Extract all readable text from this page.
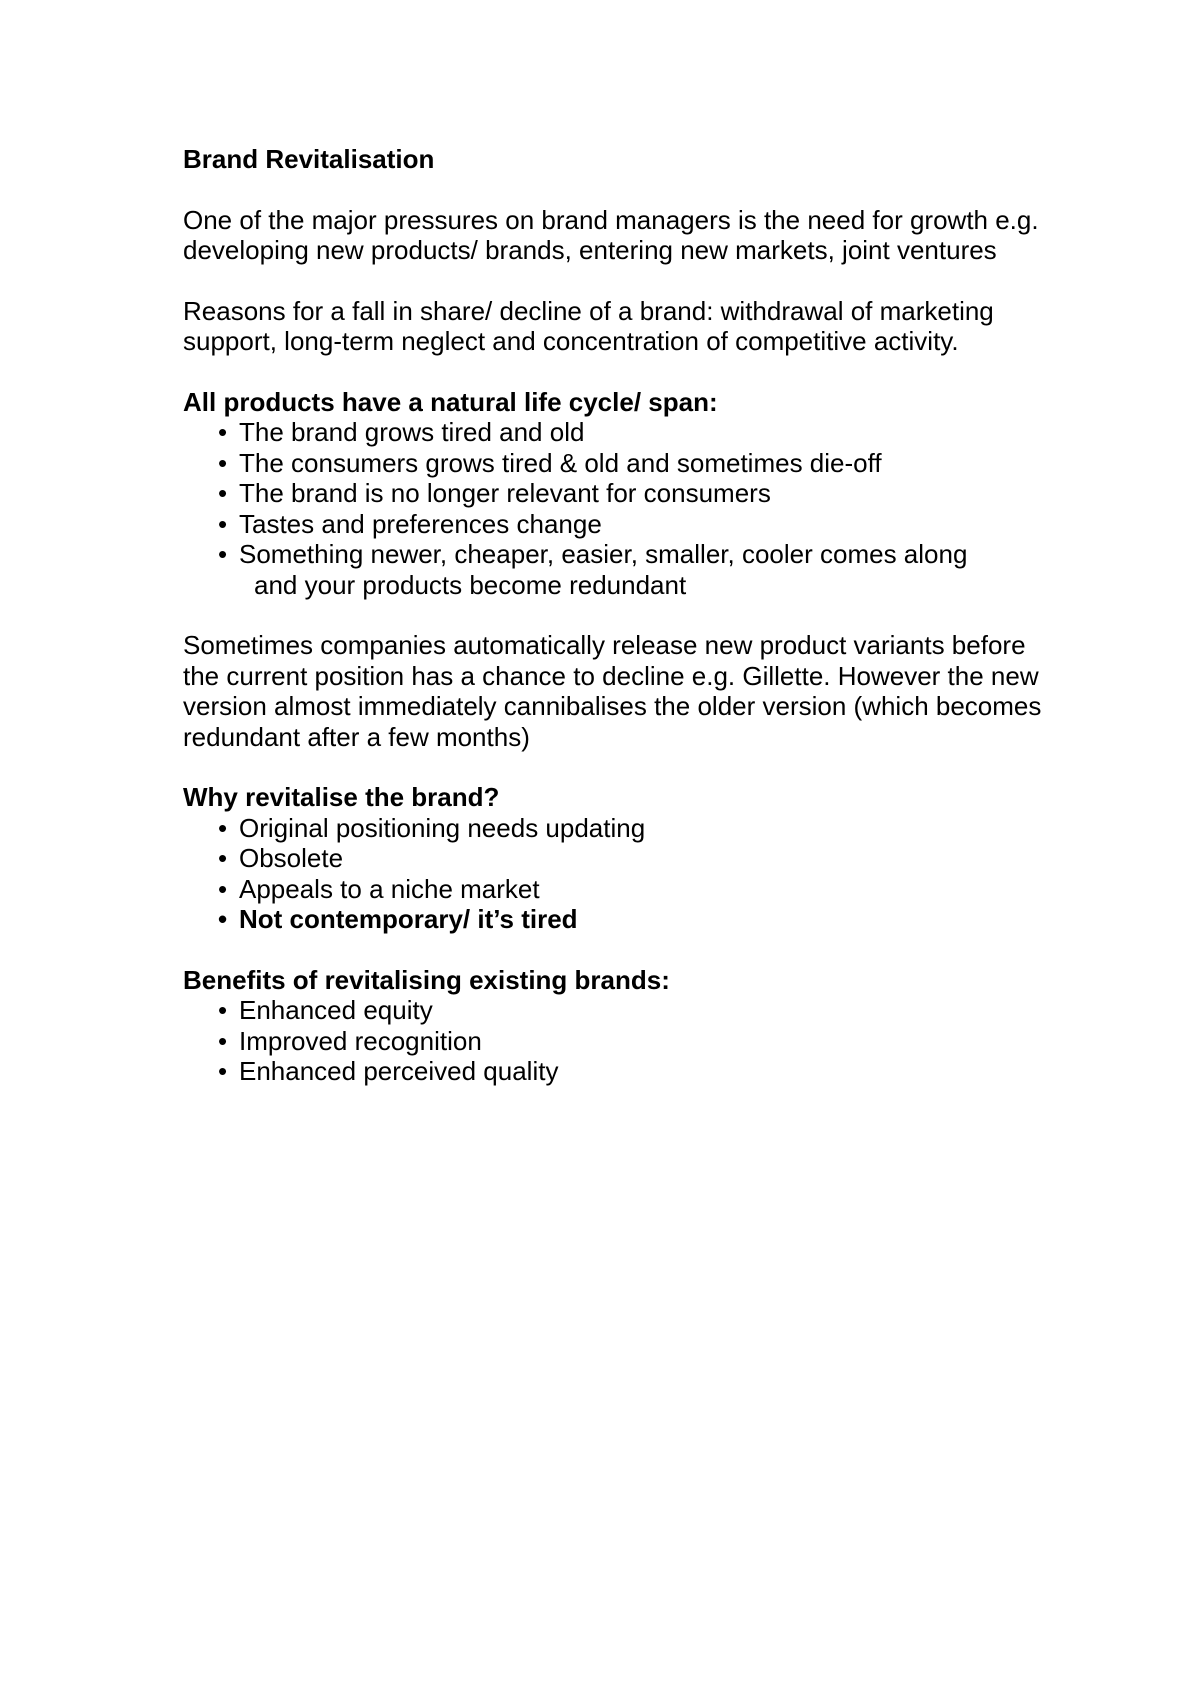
Brand Revitalisation

One of the major pressures on brand managers is the need for growth e.g. developing new products/ brands, entering new markets, joint ventures

Reasons for a fall in share/ decline of a brand: withdrawal of marketing support, long-term neglect and concentration of competitive activity.

All products have a natural life cycle/ span:

• The brand grows tired and old
• The consumers grows tired & old and sometimes die-off
• The brand is no longer relevant for consumers
• Tastes and preferences change
• Something newer, cheaper, easier, smaller, cooler comes along
and your products become redundant

Sometimes companies automatically release new product variants before the current position has a chance to decline e.g. Gillette. However the new version almost immediately cannibalises the older version (which becomes redundant after a few months)

Why revitalise the brand?

• Original positioning needs updating
• Obsolete
• Appeals to a niche market
• Not contemporary/ it’s tired

Benefits of revitalising existing brands:

• Enhanced equity
• Improved recognition
• Enhanced perceived quality
